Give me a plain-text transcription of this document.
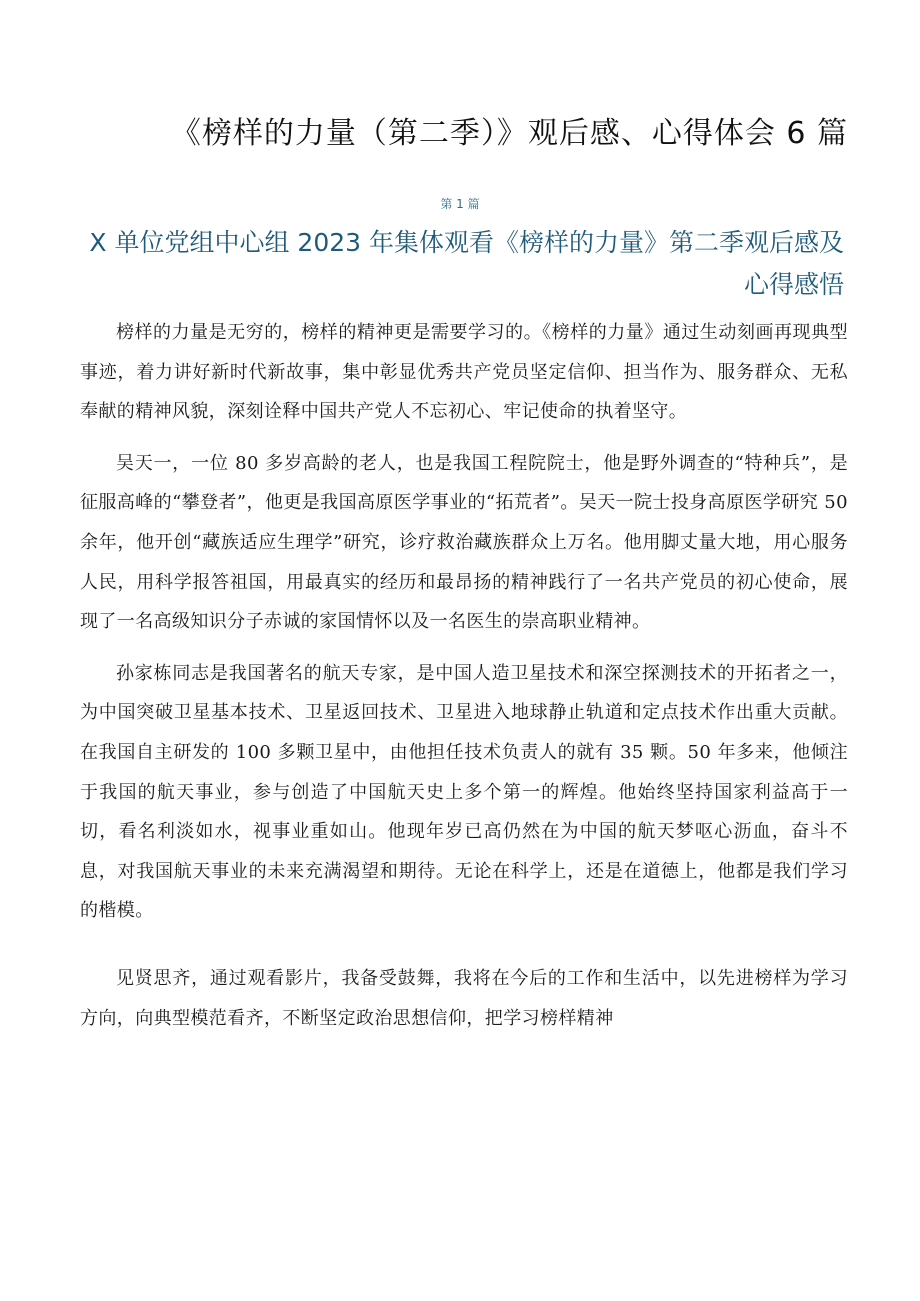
《榜样的力量（第二季）》观后感、心得体会 6 篇
第 1 篇
X 单位党组中心组 2023 年集体观看《榜样的力量》第二季观后感及心得感悟

榜样的力量是无穷的，榜样的精神更是需要学习的。《榜样的力量》通过生动刻画再现典型事迹，着力讲好新时代新故事，集中彰显优秀共产党员坚定信仰、担当作为、服务群众、无私奉献的精神风貌，深刻诠释中国共产党人不忘初心、牢记使命的执着坚守。

吴天一，一位 80 多岁高龄的老人，也是我国工程院院士，他是野外调查的“特种兵”，是征服高峰的“攀登者”，他更是我国高原医学事业的“拓荒者”。吴天一院士投身高原医学研究 50 余年，他开创“藏族适应生理学”研究，诊疗救治藏族群众上万名。他用脚丈量大地，用心服务人民，用科学报答祖国，用最真实的经历和最昂扬的精神践行了一名共产党员的初心使命，展现了一名高级知识分子赤诚的家国情怀以及一名医生的崇高职业精神。

孙家栋同志是我国著名的航天专家，是中国人造卫星技术和深空探测技术的开拓者之一，为中国突破卫星基本技术、卫星返回技术、卫星进入地球静止轨道和定点技术作出重大贡献。在我国自主研发的 100 多颗卫星中，由他担任技术负责人的就有 35 颗。50 年多来，他倾注于我国的航天事业，参与创造了中国航天史上多个第一的辉煌。他始终坚持国家利益高于一切，看名利淡如水，视事业重如山。他现年岁已高仍然在为中国的航天梦呕心沥血，奋斗不息，对我国航天事业的未来充满渴望和期待。无论在科学上，还是在道德上，他都是我们学习的楷模。

见贤思齐，通过观看影片，我备受鼓舞，我将在今后的工作和生活中，以先进榜样为学习方向，向典型模范看齐，不断坚定政治思想信仰，把学习榜样精神
